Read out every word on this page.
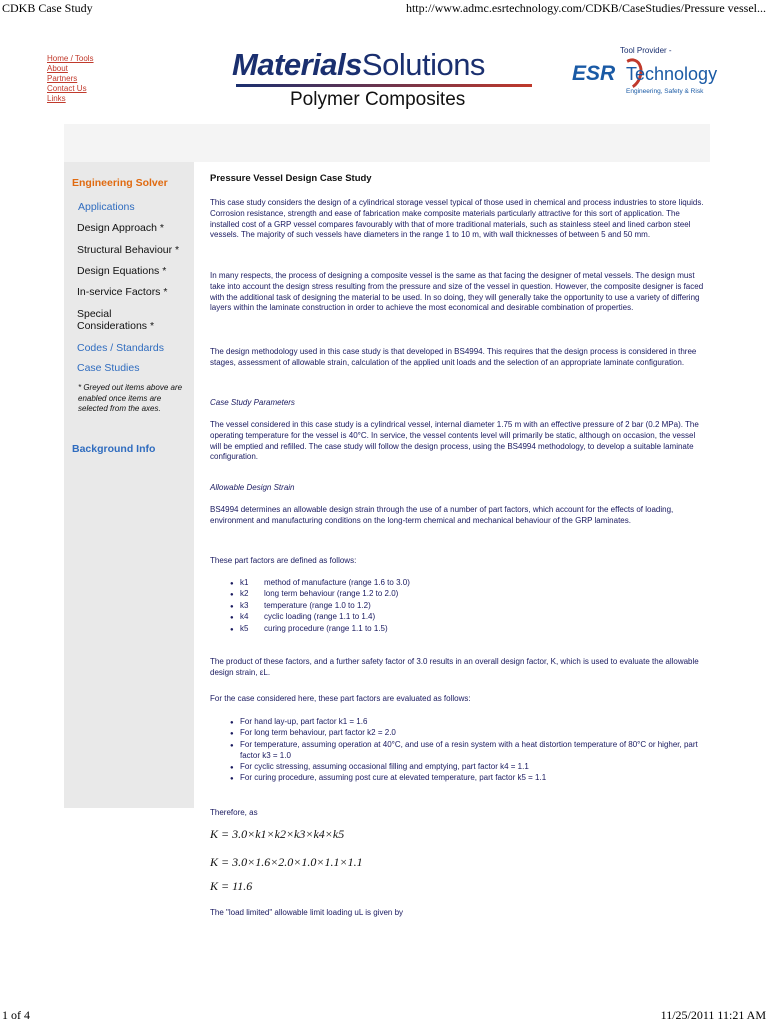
CDKB Case Study	http://www.admc.esrtechnology.com/CDKB/CaseStudies/Pressure vessel...
Home / Tools
About
Partners
Contact Us
Links
MaterialsSolutions
Polymer Composites
Tool Provider -
ESR Technology
Engineering, Safety & Risk
Engineering Solver
Applications
Design Approach *
Structural Behaviour *
Design Equations *
In-service Factors *
Special
Considerations *
Codes / Standards
Case Studies
* Greyed out items above are enabled once items are selected from the axes.
Background Info

Pressure Vessel Design Case Study

This case study considers the design of a cylindrical storage vessel typical of those used in chemical and process industries to store liquids. Corrosion resistance, strength and ease of fabrication make composite materials particularly attractive for this sort of application. The installed cost of a GRP vessel compares favourably with that of more traditional materials, such as stainless steel and lined carbon steel vessels. The majority of such vessels have diameters in the range 1 to 10 m, with wall thicknesses of between 5 and 50 mm.

In many respects, the process of designing a composite vessel is the same as that facing the designer of metal vessels. The design must take into account the design stress resulting from the pressure and size of the vessel in question. However, the composite designer is faced with the additional task of designing the material to be used. In so doing, they will generally take the opportunity to use a variety of differing layers within the laminate construction in order to achieve the most economical and desirable combination of properties.

The design methodology used in this case study is that developed in BS4994. This requires that the design process is considered in three stages, assessment of allowable strain, calculation of the applied unit loads and the selection of an appropriate laminate configuration.

Case Study Parameters

The vessel considered in this case study is a cylindrical vessel, internal diameter 1.75 m with an effective pressure of 2 bar (0.2 MPa). The operating temperature for the vessel is 40°C. In service, the vessel contents level will primarily be static, although on occasion, the vessel will be emptied and refilled. The case study will follow the design process, using the BS4994 methodology, to develop a suitable laminate configuration.

Allowable Design Strain

BS4994 determines an allowable design strain through the use of a number of part factors, which account for the effects of loading, environment and manufacturing conditions on the long-term chemical and mechanical behaviour of the GRP laminates.

These part factors are defined as follows:

● k1 method of manufacture (range 1.6 to 3.0)
● k2 long term behaviour (range 1.2 to 2.0)
● k3 temperature (range 1.0 to 1.2)
● k4 cyclic loading (range 1.1 to 1.4)
● k5 curing procedure (range 1.1 to 1.5)

The product of these factors, and a further safety factor of 3.0 results in an overall design factor, K, which is used to evaluate the allowable design strain, εL.

For the case considered here, these part factors are evaluated as follows:

● For hand lay-up, part factor k1 = 1.6
● For long term behaviour, part factor k2 = 2.0
● For temperature, assuming operation at 40°C, and use of a resin system with a heat distortion temperature of 80°C or higher, part factor k3 = 1.0
● For cyclic stressing, assuming occasional filling and emptying, part factor k4 = 1.1
● For curing procedure, assuming post cure at elevated temperature, part factor k5 = 1.1

Therefore, as

K = 3.0×k1×k2×k3×k4×k5

K = 3.0×1.6×2.0×1.0×1.1×1.1

K = 11.6

The "load limited" allowable limit loading uL is given by

1 of 4	11/25/2011 11:21 AM
